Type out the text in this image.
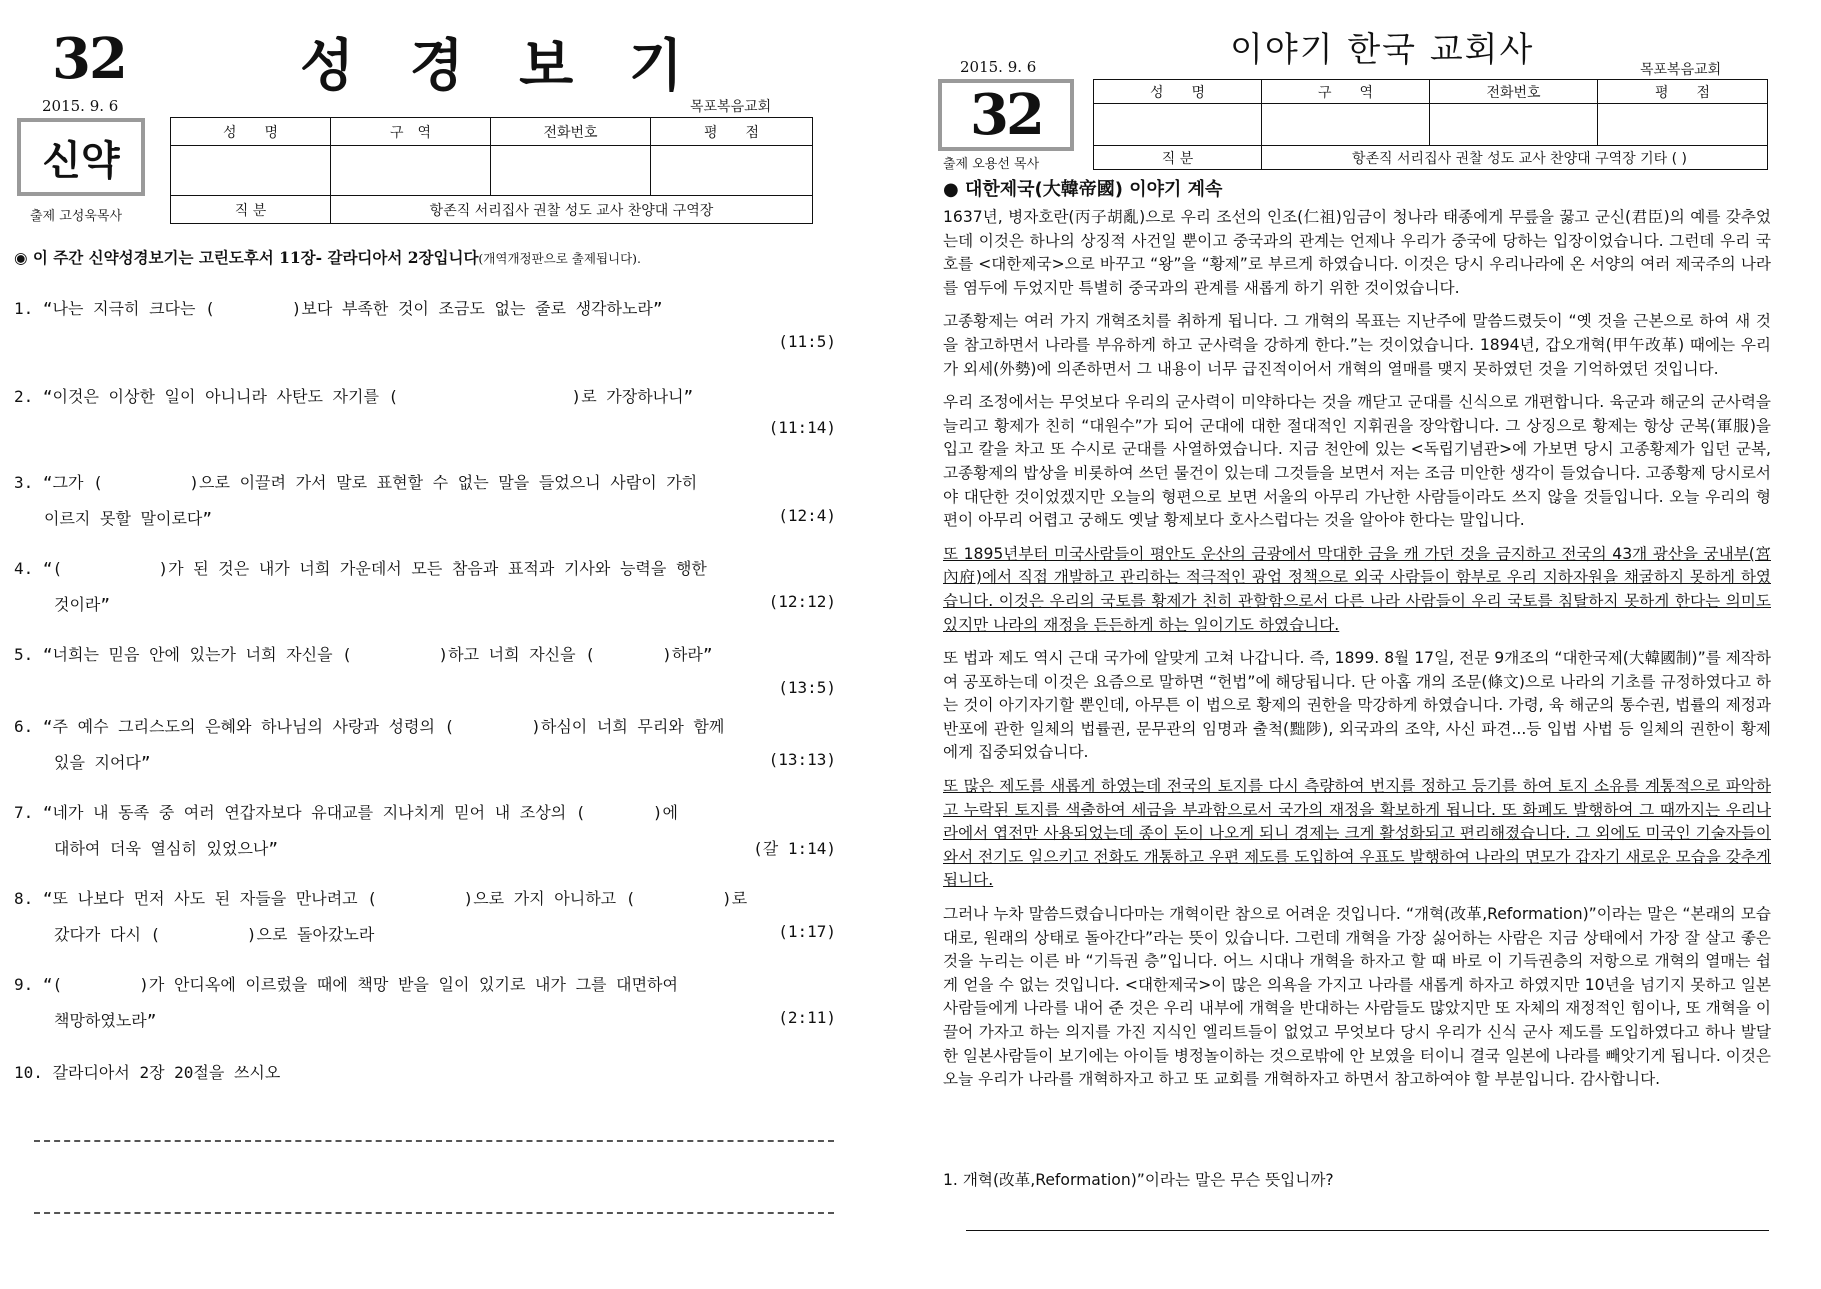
32	성 경 보 기
2015. 9. 6	목포복음교회
신약
출제 고성욱목사
성　　명	구　역	전화번호	평　　점

직 분	항존직 서리집사 권찰 성도 교사 찬양대 구역장		
◉ 이 주간 신약성경보기는 고린도후서 11장- 갈라디아서 2장입니다(개역개정판으로 출제됩니다).
1. “나는 지극히 크다는 (        )보다 부족한 것이 조금도 없는 줄로 생각하노라”
(11:5)
2. “이것은 이상한 일이 아니니라 사탄도 자기를 (                  )로 가장하나니”
(11:14)
3. “그가 (         )으로 이끌려 가서 말로 표현할 수 없는 말을 들었으니 사람이 가히
이르지 못할 말이로다”	(12:4)
4. “(          )가 된 것은 내가 너희 가운데서 모든 참음과 표적과 기사와 능력을 행한
것이라”	(12:12)
5. “너희는 믿음 안에 있는가 너희 자신을 (         )하고 너희 자신을 (       )하라”
(13:5)
6. “주 예수 그리스도의 은혜와 하나님의 사랑과 성령의 (        )하심이 너희 무리와 함께
있을 지어다”	(13:13)
7. “네가 내 동족 중 여러 연갑자보다 유대교를 지나치게 믿어 내 조상의 (       )에
대하여 더욱 열심히 있었으나”	(갈 1:14)
8. “또 나보다 먼저 사도 된 자들을 만나려고 (         )으로 가지 아니하고 (         )로
갔다가 다시 (         )으로 돌아갔노라	(1:17)
9. “(        )가 안디옥에 이르렀을 때에 책망 받을 일이 있기로 내가 그를 대면하여
책망하였노라”	(2:11)
10. 갈라디아서 2장 20절을 쓰시오
이야기 한국 교회사
2015. 9. 6	목포복음교회
32
출제 오용선 목사
성　　명	구　　역	전화번호	평　　점

직 분	항존직 서리집사 권찰 성도 교사 찬양대 구역장 기타 ( )		
● 대한제국(大韓帝國) 이야기 계속

1637년, 병자호란(丙子胡亂)으로 우리 조선의 인조(仁祖)임금이 청나라 태종에게 무릎을 꿇고 군신(君臣)의 예를 갖추었는데 이것은 하나의 상징적 사건일 뿐이고 중국과의 관계는 언제나 우리가 중국에 당하는 입장이었습니다. 그런데 우리 국호를 <대한제국>으로 바꾸고 “왕”을 “황제”로 부르게 하였습니다. 이것은 당시 우리나라에 온 서양의 여러 제국주의 나라를 염두에 두었지만 특별히 중국과의 관계를 새롭게 하기 위한 것이었습니다.

고종황제는 여러 가지 개혁조치를 취하게 됩니다. 그 개혁의 목표는 지난주에 말씀드렸듯이 “옛 것을 근본으로 하여 새 것을 참고하면서 나라를 부유하게 하고 군사력을 강하게 한다.”는 것이었습니다. 1894년, 갑오개혁(甲午改革) 때에는 우리가 외세(外勢)에 의존하면서 그 내용이 너무 급진적이어서 개혁의 열매를 맺지 못하였던 것을 기억하였던 것입니다.

우리 조정에서는 무엇보다 우리의 군사력이 미약하다는 것을 깨닫고 군대를 신식으로 개편합니다. 육군과 해군의 군사력을 늘리고 황제가 친히 “대원수”가 되어 군대에 대한 절대적인 지휘권을 장악합니다. 그 상징으로 황제는 항상 군복(軍服)을 입고 칼을 차고 또 수시로 군대를 사열하였습니다. 지금 천안에 있는 <독립기념관>에 가보면 당시 고종황제가 입던 군복, 고종황제의 밥상을 비롯하여 쓰던 물건이 있는데 그것들을 보면서 저는 조금 미안한 생각이 들었습니다. 고종황제 당시로서야 대단한 것이었겠지만 오늘의 형편으로 보면 서울의 아무리 가난한 사람들이라도 쓰지 않을 것들입니다. 오늘 우리의 형편이 아무리 어렵고 궁해도 옛날 황제보다 호사스럽다는 것을 알아야 한다는 말입니다.

또 1895년부터 미국사람들이 평안도 운산의 금광에서 막대한 금을 캐 가던 것을 금지하고 전국의 43개 광산을 궁내부(宮內府)에서 직접 개발하고 관리하는 적극적인 광업 정책으로 외국 사람들이 함부로 우리 지하자원을 채굴하지 못하게 하였습니다. 이것은 우리의 국토를 황제가 친히 관할함으로서 다른 나라 사람들이 우리 국토를 침탈하지 못하게 한다는 의미도 있지만 나라의 재정을 든든하게 하는 일이기도 하였습니다.

또 법과 제도 역시 근대 국가에 알맞게 고쳐 나갑니다. 즉, 1899. 8월 17일, 전문 9개조의 “대한국제(大韓國制)”를 제작하여 공포하는데 이것은 요즘으로 말하면 “헌법”에 해당됩니다. 단 아홉 개의 조문(條文)으로 나라의 기초를 규정하였다고 하는 것이 아기자기할 뿐인데, 아무튼 이 법으로 황제의 권한을 막강하게 하였습니다. 가령, 육 해군의 통수권, 법률의 제정과 반포에 관한 일체의 법률권, 문무관의 임명과 출척(黜陟), 외국과의 조약, 사신 파견...등 입법 사법 등 일체의 권한이 황제에게 집중되었습니다.

또 많은 제도를 새롭게 하였는데 전국의 토지를 다시 측량하여 번지를 정하고 등기를 하여 토지 소유를 계통적으로 파악하고 누락된 토지를 색출하여 세금을 부과함으로서 국가의 재정을 확보하게 됩니다. 또 화폐도 발행하여 그 때까지는 우리나라에서 엽전만 사용되었는데 종이 돈이 나오게 되니 경제는 크게 활성화되고 편리해졌습니다. 그 외에도 미국인 기술자들이 와서 전기도 일으키고 전화도 개통하고 우편 제도를 도입하여 우표도 발행하여 나라의 면모가 갑자기 새로운 모습을 갖추게 됩니다.

그러나 누차 말씀드렸습니다마는 개혁이란 참으로 어려운 것입니다. “개혁(改革,Reformation)”이라는 말은 “본래의 모습대로, 원래의 상태로 돌아간다”라는 뜻이 있습니다. 그런데 개혁을 가장 싫어하는 사람은 지금 상태에서 가장 잘 살고 좋은 것을 누리는 이른 바 “기득권 층”입니다. 어느 시대나 개혁을 하자고 할 때 바로 이 기득권층의 저항으로 개혁의 열매는 쉽게 얻을 수 없는 것입니다. <대한제국>이 많은 의욕을 가지고 나라를 새롭게 하자고 하였지만 10년을 넘기지 못하고 일본사람들에게 나라를 내어 준 것은 우리 내부에 개혁을 반대하는 사람들도 많았지만 또 자체의 재정적인 힘이나, 또 개혁을 이끌어 가자고 하는 의지를 가진 지식인 엘리트들이 없었고 무엇보다 당시 우리가 신식 군사 제도를 도입하였다고 하나 발달한 일본사람들이 보기에는 아이들 병정놀이하는 것으로밖에 안 보였을 터이니 결국 일본에 나라를 빼앗기게 됩니다. 이것은 오늘 우리가 나라를 개혁하자고 하고 또 교회를 개혁하자고 하면서 참고하여야 할 부분입니다. 감사합니다.

1. 개혁(改革,Reformation)”이라는 말은 무슨 뜻입니까?
